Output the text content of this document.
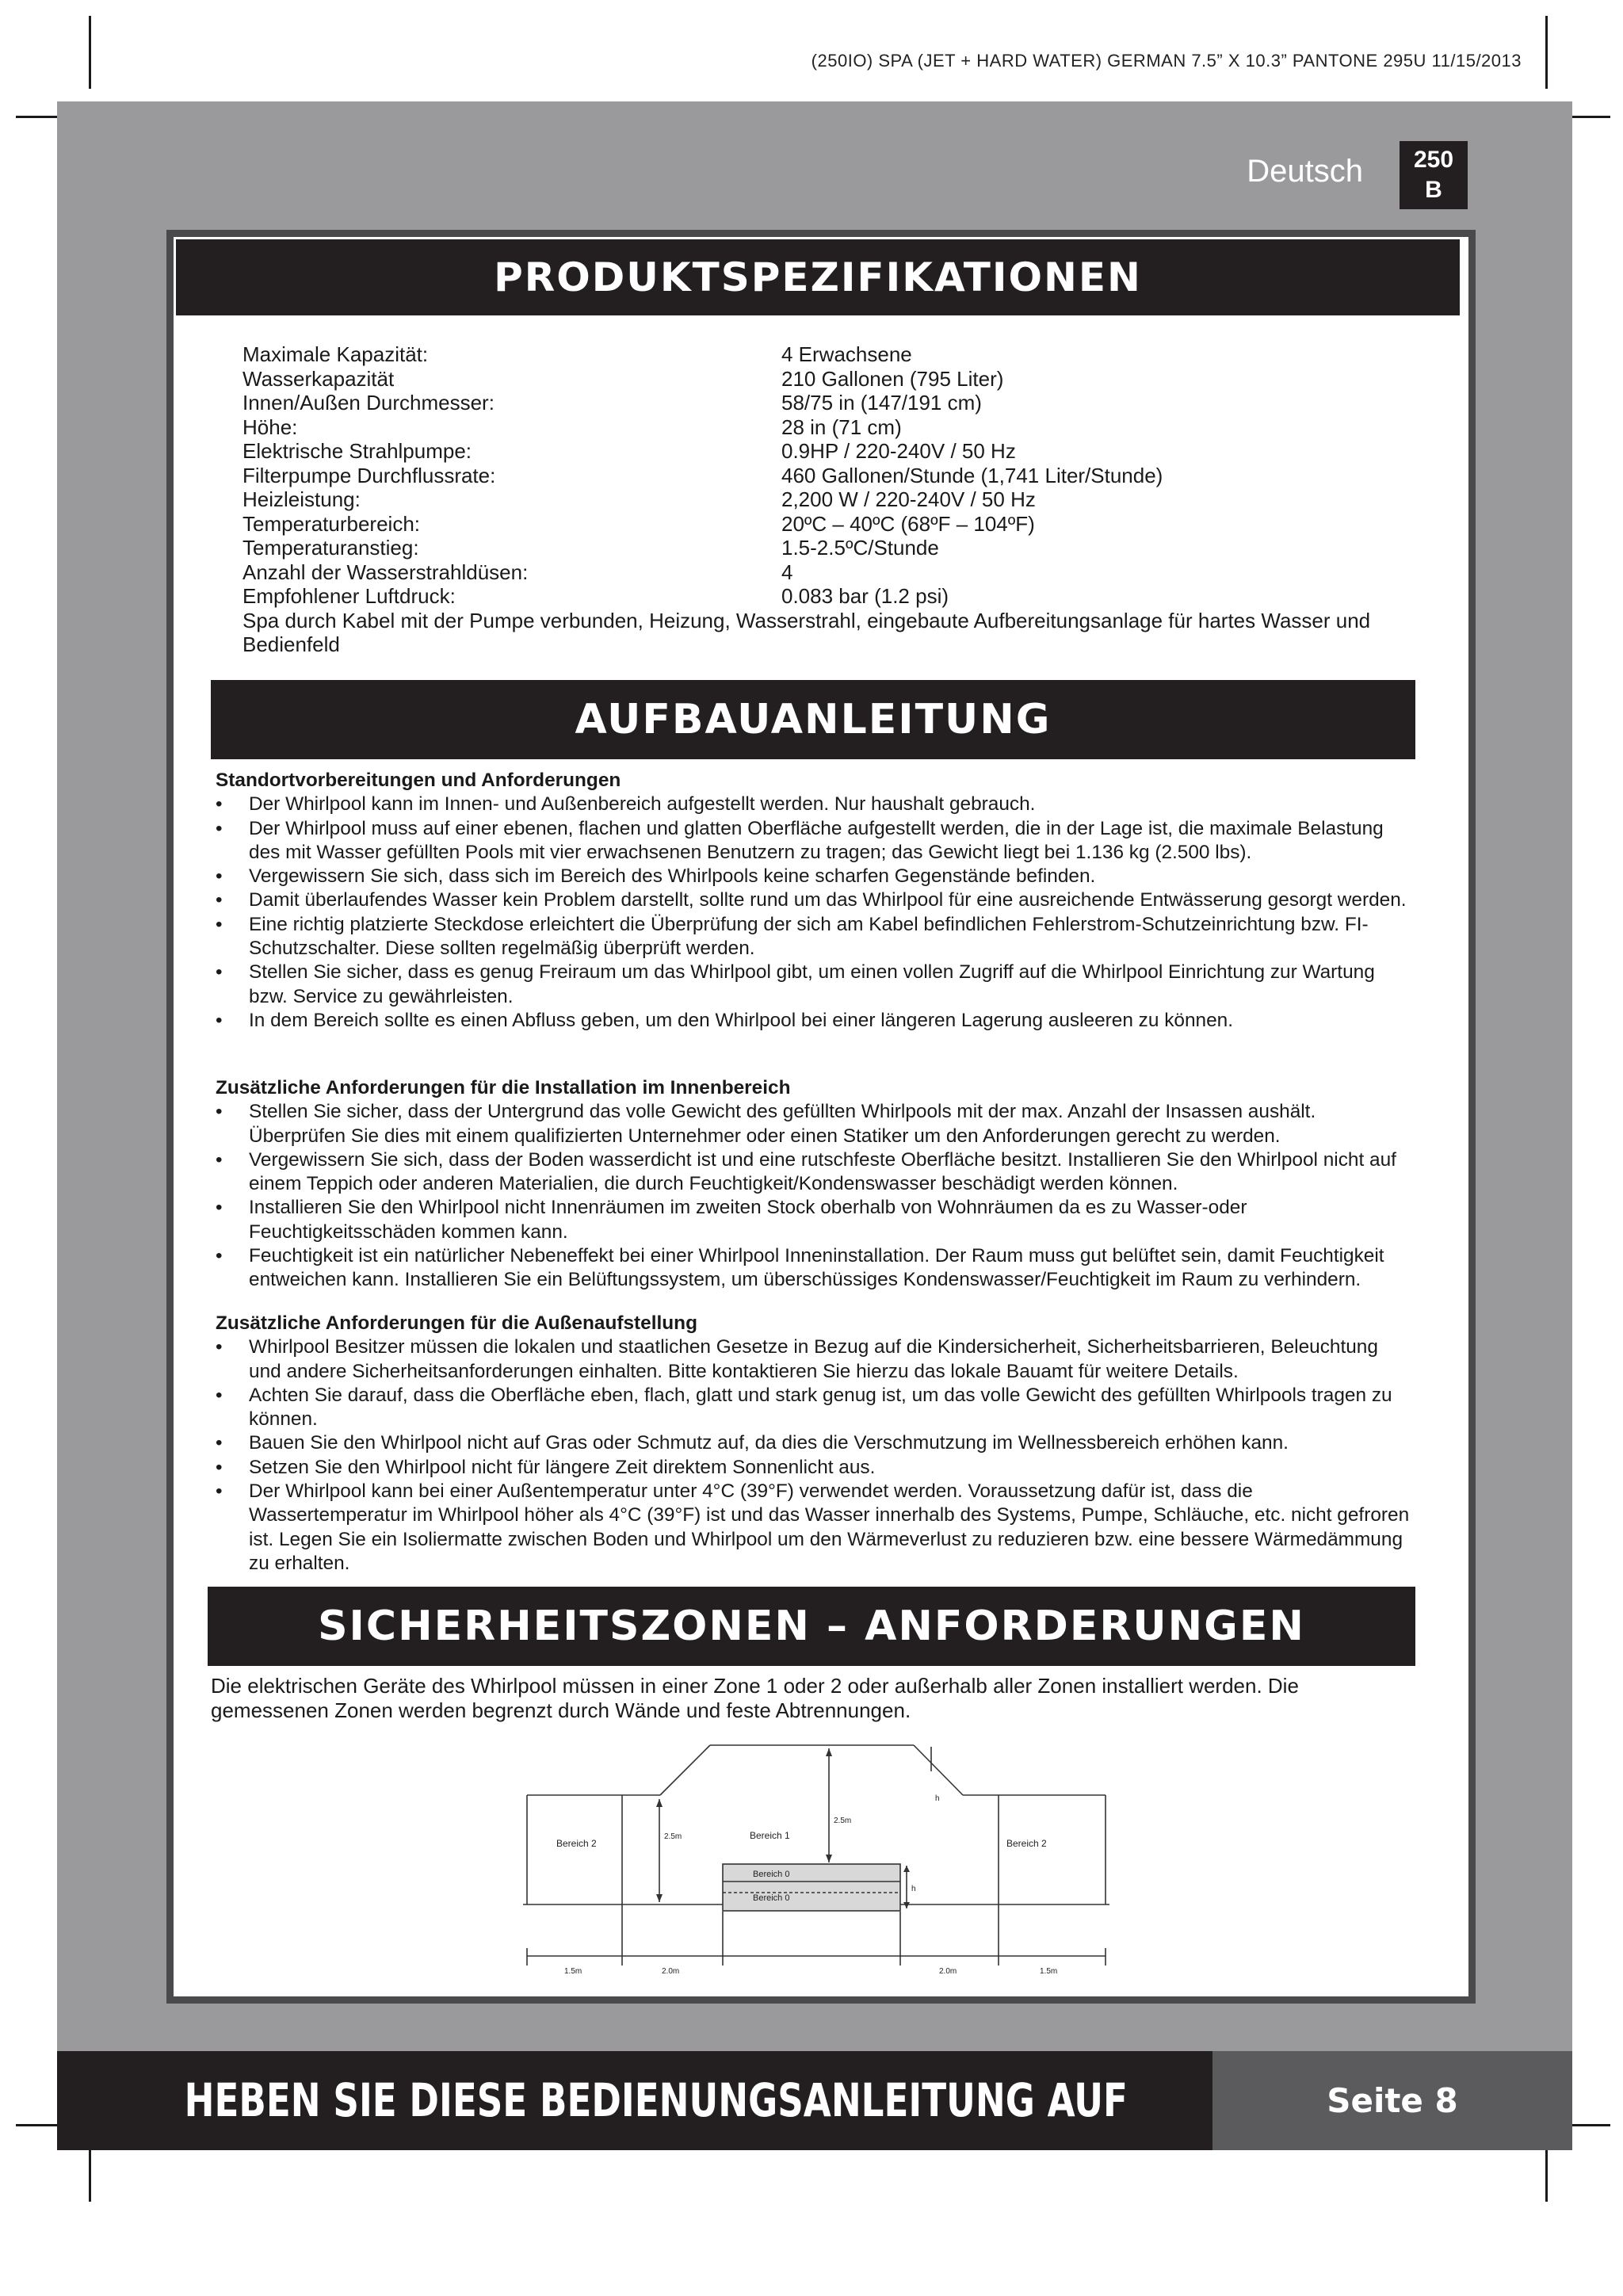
(250IO) SPA (JET + HARD WATER) GERMAN 7.5” X 10.3” PANTONE 295U 11/15/2013
Deutsch	250
B
PRODUKTSPEZIFIKATIONEN
Maximale Kapazität:	4 Erwachsene
Wasserkapazität	210 Gallonen (795 Liter)
Innen/Außen Durchmesser:	58/75 in (147/191 cm)
Höhe:	28 in (71 cm)
Elektrische Strahlpumpe:	0.9HP / 220-240V / 50 Hz
Filterpumpe Durchflussrate:	460 Gallonen/Stunde (1,741 Liter/Stunde)
Heizleistung:	2,200 W / 220-240V / 50 Hz
Temperaturbereich:	20ºC – 40ºC (68ºF – 104ºF)
Temperaturanstieg:	1.5-2.5ºC/Stunde
Anzahl der Wasserstrahldüsen:	4
Empfohlener Luftdruck:	0.083 bar (1.2 psi)
Spa durch Kabel mit der Pumpe verbunden, Heizung, Wasserstrahl, eingebaute Aufbereitungsanlage für hartes Wasser und Bedienfeld
AUFBAUANLEITUNG
Standortvorbereitungen und Anforderungen
• Der Whirlpool kann im Innen- und Außenbereich aufgestellt werden. Nur haushalt gebrauch.
• Der Whirlpool muss auf einer ebenen, flachen und glatten Oberfläche aufgestellt werden, die in der Lage ist, die maximale Belastung des mit Wasser gefüllten Pools mit vier erwachsenen Benutzern zu tragen; das Gewicht liegt bei 1.136 kg (2.500 lbs).
• Vergewissern Sie sich, dass sich im Bereich des Whirlpools keine scharfen Gegenstände befinden.
• Damit überlaufendes Wasser kein Problem darstellt, sollte rund um das Whirlpool für eine ausreichende Entwässerung gesorgt werden.
• Eine richtig platzierte Steckdose erleichtert die Überprüfung der sich am Kabel befindlichen Fehlerstrom-Schutzeinrichtung bzw. FI-Schutzschalter. Diese sollten regelmäßig überprüft werden.
• Stellen Sie sicher, dass es genug Freiraum um das Whirlpool gibt, um einen vollen Zugriff auf die Whirlpool Einrichtung zur Wartung bzw. Service zu gewährleisten.
• In dem Bereich sollte es einen Abfluss geben, um den Whirlpool bei einer längeren Lagerung ausleeren zu können.
Zusätzliche Anforderungen für die Installation im Innenbereich
• Stellen Sie sicher, dass der Untergrund das volle Gewicht des gefüllten Whirlpools mit der max. Anzahl der Insassen aushält. Überprüfen Sie dies mit einem qualifizierten Unternehmer oder einen Statiker um den Anforderungen gerecht zu werden.
• Vergewissern Sie sich, dass der Boden wasserdicht ist und eine rutschfeste Oberfläche besitzt. Installieren Sie den Whirlpool nicht auf einem Teppich oder anderen Materialien, die durch Feuchtigkeit/Kondenswasser beschädigt werden können.
• Installieren Sie den Whirlpool nicht Innenräumen im zweiten Stock oberhalb von Wohnräumen da es zu Wasser-oder Feuchtigkeitsschäden kommen kann.
• Feuchtigkeit ist ein natürlicher Nebeneffekt bei einer Whirlpool Inneninstallation. Der Raum muss gut belüftet sein, damit Feuchtigkeit entweichen kann. Installieren Sie ein Belüftungssystem, um überschüssiges Kondenswasser/Feuchtigkeit im Raum zu verhindern.
Zusätzliche Anforderungen für die Außenaufstellung
• Whirlpool Besitzer müssen die lokalen und staatlichen Gesetze in Bezug auf die Kindersicherheit, Sicherheitsbarrieren, Beleuchtung und andere Sicherheitsanforderungen einhalten. Bitte kontaktieren Sie hierzu das lokale Bauamt für weitere Details.
• Achten Sie darauf, dass die Oberfläche eben, flach, glatt und stark genug ist, um das volle Gewicht des gefüllten Whirlpools tragen zu können.
• Bauen Sie den Whirlpool nicht auf Gras oder Schmutz auf, da dies die Verschmutzung im Wellnessbereich erhöhen kann.
• Setzen Sie den Whirlpool nicht für längere Zeit direktem Sonnenlicht aus.
• Der Whirlpool kann bei einer Außentemperatur unter 4°C (39°F) verwendet werden. Voraussetzung dafür ist, dass die Wassertemperatur im Whirlpool höher als 4°C (39°F) ist und das Wasser innerhalb des Systems, Pumpe, Schläuche, etc. nicht gefroren ist. Legen Sie ein Isoliermatte zwischen Boden und Whirlpool um den Wärmeverlust zu reduzieren bzw. eine bessere Wärmedämmung zu erhalten.
SICHERHEITSZONEN – ANFORDERUNGEN
Die elektrischen Geräte des Whirlpool müssen in einer Zone 1 oder 2 oder außerhalb aller Zonen installiert werden. Die gemessenen Zonen werden begrenzt durch Wände und feste Abtrennungen.
Bereich 2	Bereich 2
Bereich 1
Bereich 0
Bereich 0
2.5m
2.5m
h
h
1.5m	2.0m	2.0m	1.5m
HEBEN SIE DIESE BEDIENUNGSANLEITUNG AUF	Seite 8
